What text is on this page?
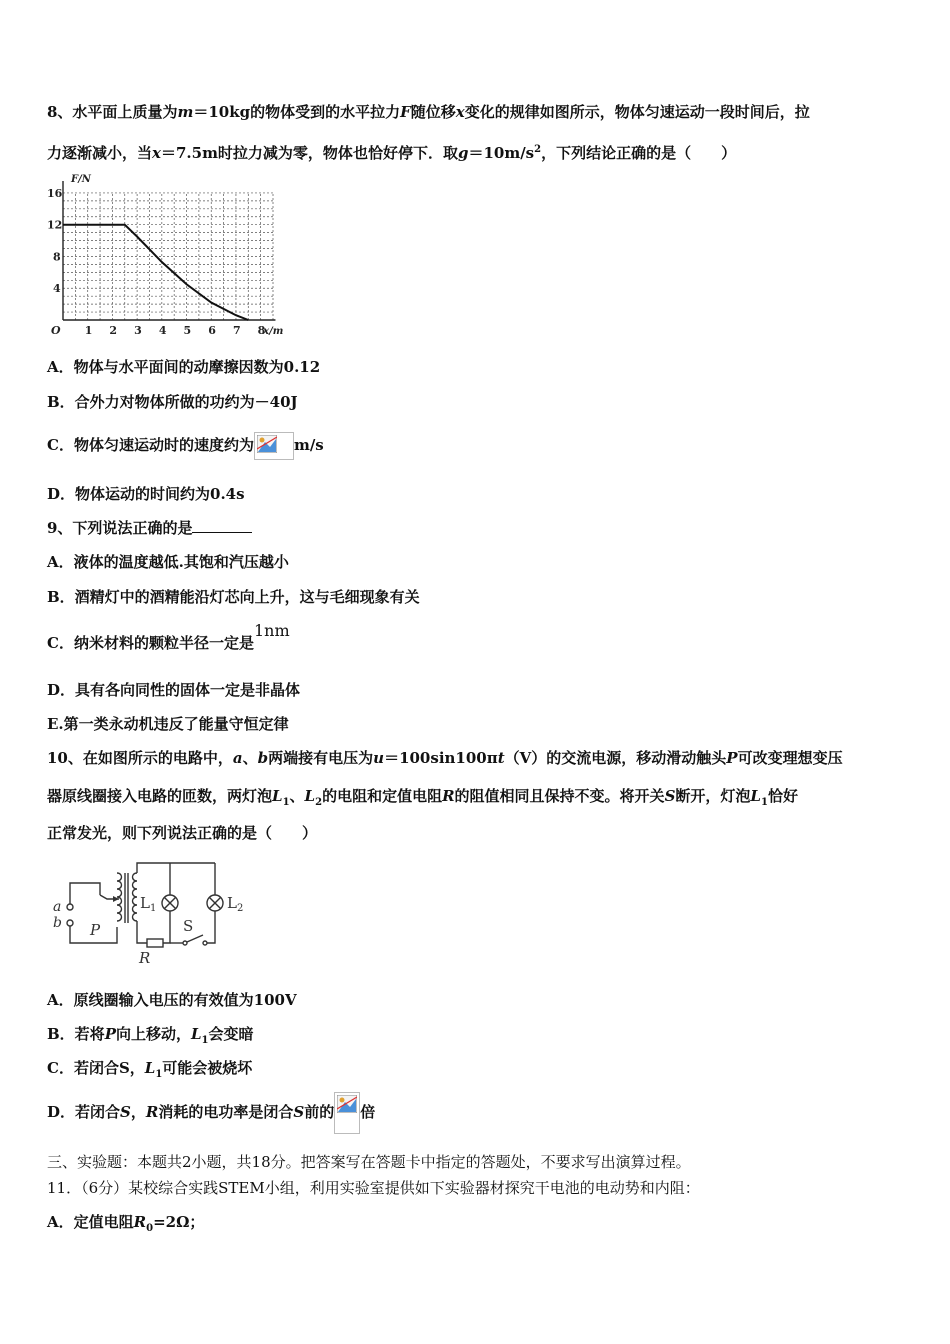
8、水平面上质量为m＝10kg的物体受到的水平拉力F随位移x变化的规律如图所示，物体匀速运动一段时间后，拉
力逐渐减小，当x＝7.5m时拉力减为零，物体也恰好停下．取$g=10m/s^2$，下列结论正确的是（　　）
1 2 3 4 5 6 7 8
4
8
12
16
O	x/m
F/N
A．物体与水平面间的动摩擦因数为0.12
B．合外力对物体所做的功约为－40J
C．物体匀速运动时的速度约为	m/s
D．物体运动的时间约为0.4s
9、下列说法正确的是
A．液体的温度越低.其饱和汽压越小
B．酒精灯中的酒精能沿灯芯向上升，这与毛细现象有关
C．纳米材料的颗粒半径一定是1nm
D．具有各向同性的固体一定是非晶体
E.第一类永动机违反了能量守恒定律
10、在如图所示的电路中，a、b两端接有电压为u＝100sin100πt（V）的交流电源，移动滑动触头P可改变理想变压
器原线圈接入电路的匝数，两灯泡$L_1$、$L_2$的电阻和定值电阻R的阻值相同且保持不变。将开关S断开，灯泡$L_1$恰好
正常发光，则下列说法正确的是（　　）
a
b P
R
$L_1$
S
$L_2$
A．原线圈输入电压的有效值为100V
B．若将P向上移动，$L_1$会变暗
C．若闭合S，$L_1$可能会被烧坏
D．若闭合S，R消耗的电功率是闭合S前的 倍
三、实验题：本题共2小题，共18分。把答案写在答题卡中指定的答题处，不要求写出演算过程。
11．（6分）某校综合实践STEM小组，利用实验室提供如下实验器材探究干电池的电动势和内阻：
A．定值电阻$R_0=2\Omega$；
